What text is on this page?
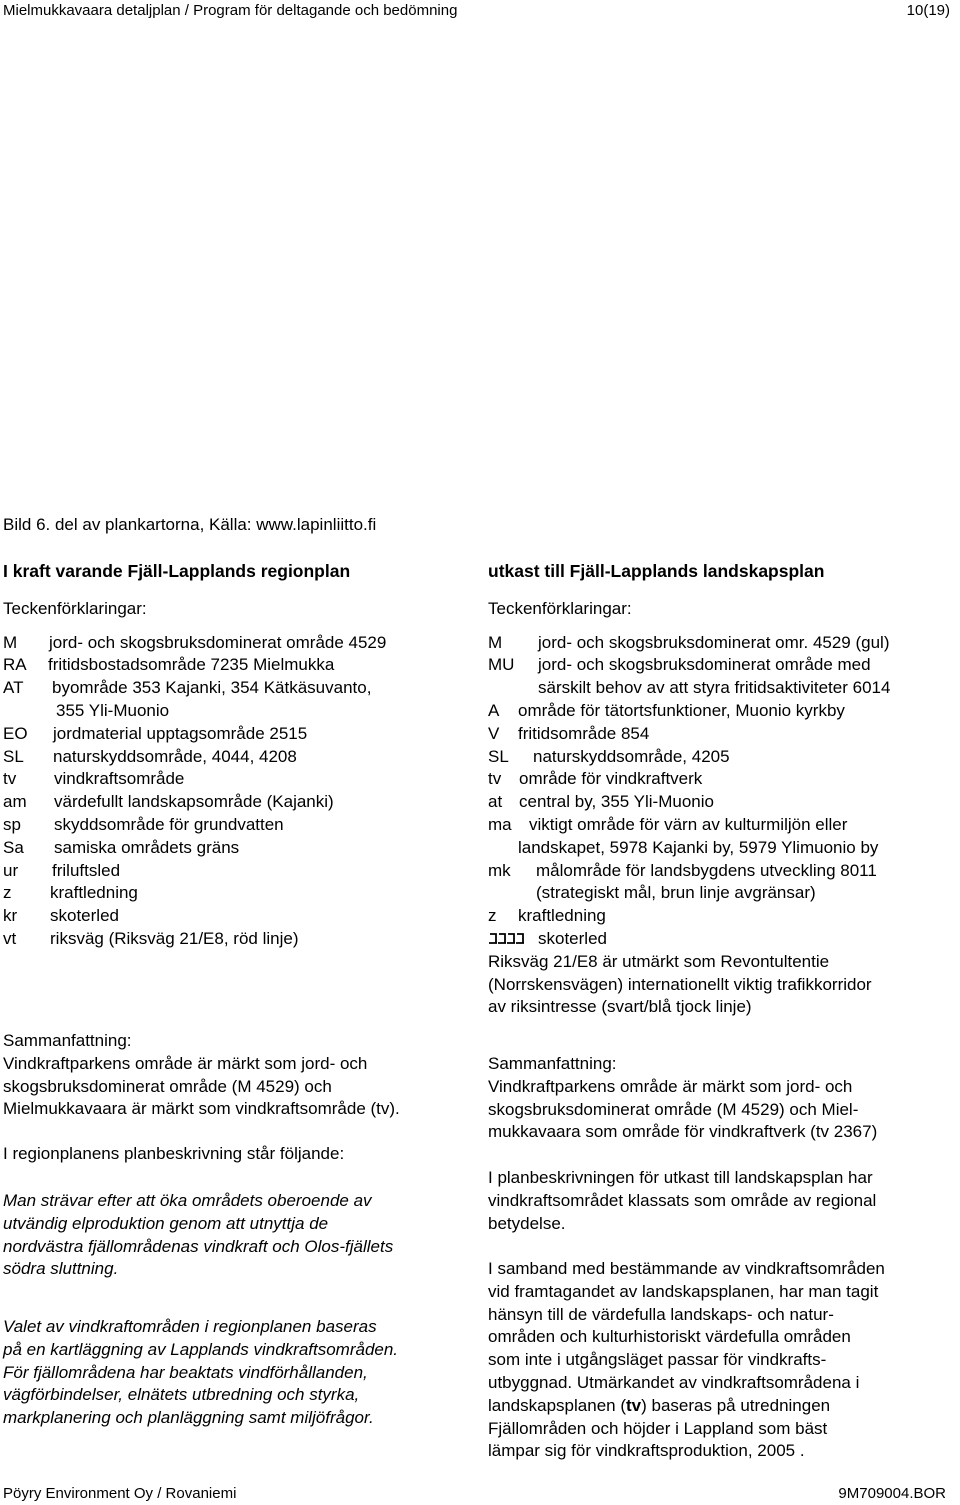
Mielmukkavaara detaljplan / Program för deltagande och bedömning	10(19)
Bild 6. del av plankartorna, Källa: www.lapinliitto.fi
I kraft varande Fjäll-Lapplands regionplan
Teckenförklaringar:
M jord- och skogsbruksdominerat område 4529
RA fritidsbostadsområde 7235 Mielmukka
AT byområde 353 Kajanki, 354 Kätkäsuvanto,
355 Yli-Muonio
EO jordmaterial upptagsområde 2515
SL naturskyddsområde, 4044, 4208
tv vindkraftsområde
am värdefullt landskapsområde (Kajanki)
sp skyddsområde för grundvatten
Sa samiska områdets gräns
ur friluftsled
z kraftledning
kr skoterled
vt riksväg (Riksväg 21/E8, röd linje)
Sammanfattning:
Vindkraftparkens område är märkt som jord- och
skogsbruksdominerat område (M 4529) och
Mielmukkavaara är märkt som vindkraftsområde (tv).
I regionplanens planbeskrivning står följande:
Man strävar efter att öka områdets oberoende av
utvändig elproduktion genom att utnyttja de
nordvästra fjällområdenas vindkraft och Olos-fjällets
södra sluttning.
Valet av vindkraftområden i regionplanen baseras
på en kartläggning av Lapplands vindkraftsområden.
För fjällområdena har beaktats vindförhållanden,
vägförbindelser, elnätets utbredning och styrka,
markplanering och planläggning samt miljöfrågor.
utkast till Fjäll-Lapplands landskapsplan
Teckenförklaringar:
M jord- och skogsbruksdominerat omr. 4529 (gul)
MU jord- och skogsbruksdominerat område med
särskilt behov av att styra fritidsaktiviteter 6014
A område för tätortsfunktioner, Muonio kyrkby
V fritidsområde 854
SL naturskyddsområde, 4205
tv område för vindkraftverk
at central by, 355 Yli-Muonio
ma viktigt område för värn av kulturmiljön eller
landskapet, 5978 Kajanki by, 5979 Ylimuonio by
mk målområde för landsbygdens utveckling 8011
(strategiskt mål, brun linje avgränsar)
z kraftledning
skoterled
Riksväg 21/E8 är utmärkt som Revontultentie
(Norrskensvägen) internationellt viktig trafikkorridor
av riksintresse (svart/blå tjock linje)
Sammanfattning:
Vindkraftparkens område är märkt som jord- och
skogsbruksdominerat område (M 4529) och Miel-
mukkavaara som område för vindkraftverk (tv 2367)
I planbeskrivningen för utkast till landskapsplan har
vindkraftsområdet klassats som område av regional
betydelse.
I samband med bestämmande av vindkraftsområden
vid framtagandet av landskapsplanen, har man tagit
hänsyn till de värdefulla landskaps- och natur-
områden och kulturhistoriskt värdefulla områden
som inte i utgångsläget passar för vindkrafts-
utbyggnad. Utmärkandet av vindkraftsområdena i
landskapsplanen (tv) baseras på utredningen
Fjällområden och höjder i Lappland som bäst
lämpar sig för vindkraftsproduktion, 2005 .
Pöyry Environment Oy / Rovaniemi	9M709004.BOR
